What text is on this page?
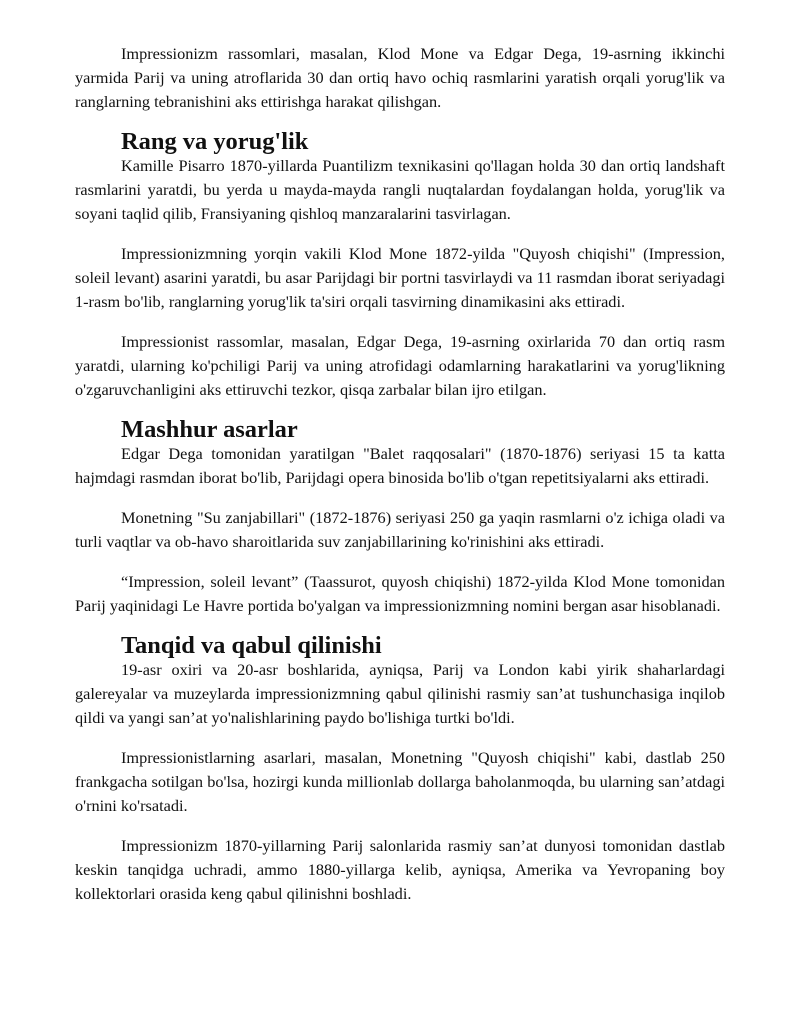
Impressionizm rassomlari, masalan, Klod Mone va Edgar Dega, 19-asrning ikkinchi yarmida Parij va uning atroflarida 30 dan ortiq havo ochiq rasmlarini yaratish orqali yorug'lik va ranglarning tebranishini aks ettirishga harakat qilishgan.

Rang va yorug'lik

Kamille Pisarro 1870-yillarda Puantilizm texnikasini qo'llagan holda 30 dan ortiq landshaft rasmlarini yaratdi, bu yerda u mayda-mayda rangli nuqtalardan foydalangan holda, yorug'lik va soyani taqlid qilib, Fransiyaning qishloq manzaralarini tasvirlagan.

Impressionizmning yorqin vakili Klod Mone 1872-yilda "Quyosh chiqishi" (Impression, soleil levant) asarini yaratdi, bu asar Parijdagi bir portni tasvirlaydi va 11 rasmdan iborat seriyadagi 1-rasm bo'lib, ranglarning yorug'lik ta'siri orqali tasvirning dinamikasini aks ettiradi.

Impressionist rassomlar, masalan, Edgar Dega, 19-asrning oxirlarida 70 dan ortiq rasm yaratdi, ularning ko'pchiligi Parij va uning atrofidagi odamlarning harakatlarini va yorug'likning o'zgaruvchanligini aks ettiruvchi tezkor, qisqa zarbalar bilan ijro etilgan.

Mashhur asarlar

Edgar Dega tomonidan yaratilgan "Balet raqqosalari" (1870-1876) seriyasi 15 ta katta hajmdagi rasmdan iborat bo'lib, Parijdagi opera binosida bo'lib o'tgan repetitsiyalarni aks ettiradi.

Monetning "Su zanjabillari" (1872-1876) seriyasi 250 ga yaqin rasmlarni o'z ichiga oladi va turli vaqtlar va ob-havo sharoitlarida suv zanjabillarining ko'rinishini aks ettiradi.

“Impression, soleil levant” (Taassurot, quyosh chiqishi) 1872-yilda Klod Mone tomonidan Parij yaqinidagi Le Havre portida bo'yalgan va impressionizmning nomini bergan asar hisoblanadi.

Tanqid va qabul qilinishi

19-asr oxiri va 20-asr boshlarida, ayniqsa, Parij va London kabi yirik shaharlardagi galereyalar va muzeylarda impressionizmning qabul qilinishi rasmiy san’at tushunchasiga inqilob qildi va yangi san’at yo'nalishlarining paydo bo'lishiga turtki bo'ldi.

Impressionistlarning asarlari, masalan, Monetning "Quyosh chiqishi" kabi, dastlab 250 frankgacha sotilgan bo'lsa, hozirgi kunda millionlab dollarga baholanmoqda, bu ularning san’atdagi o'rnini ko'rsatadi.

Impressionizm 1870-yillarning Parij salonlarida rasmiy san’at dunyosi tomonidan dastlab keskin tanqidga uchradi, ammo 1880-yillarga kelib, ayniqsa, Amerika va Yevropaning boy kollektorlari orasida keng qabul qilinishni boshladi.
